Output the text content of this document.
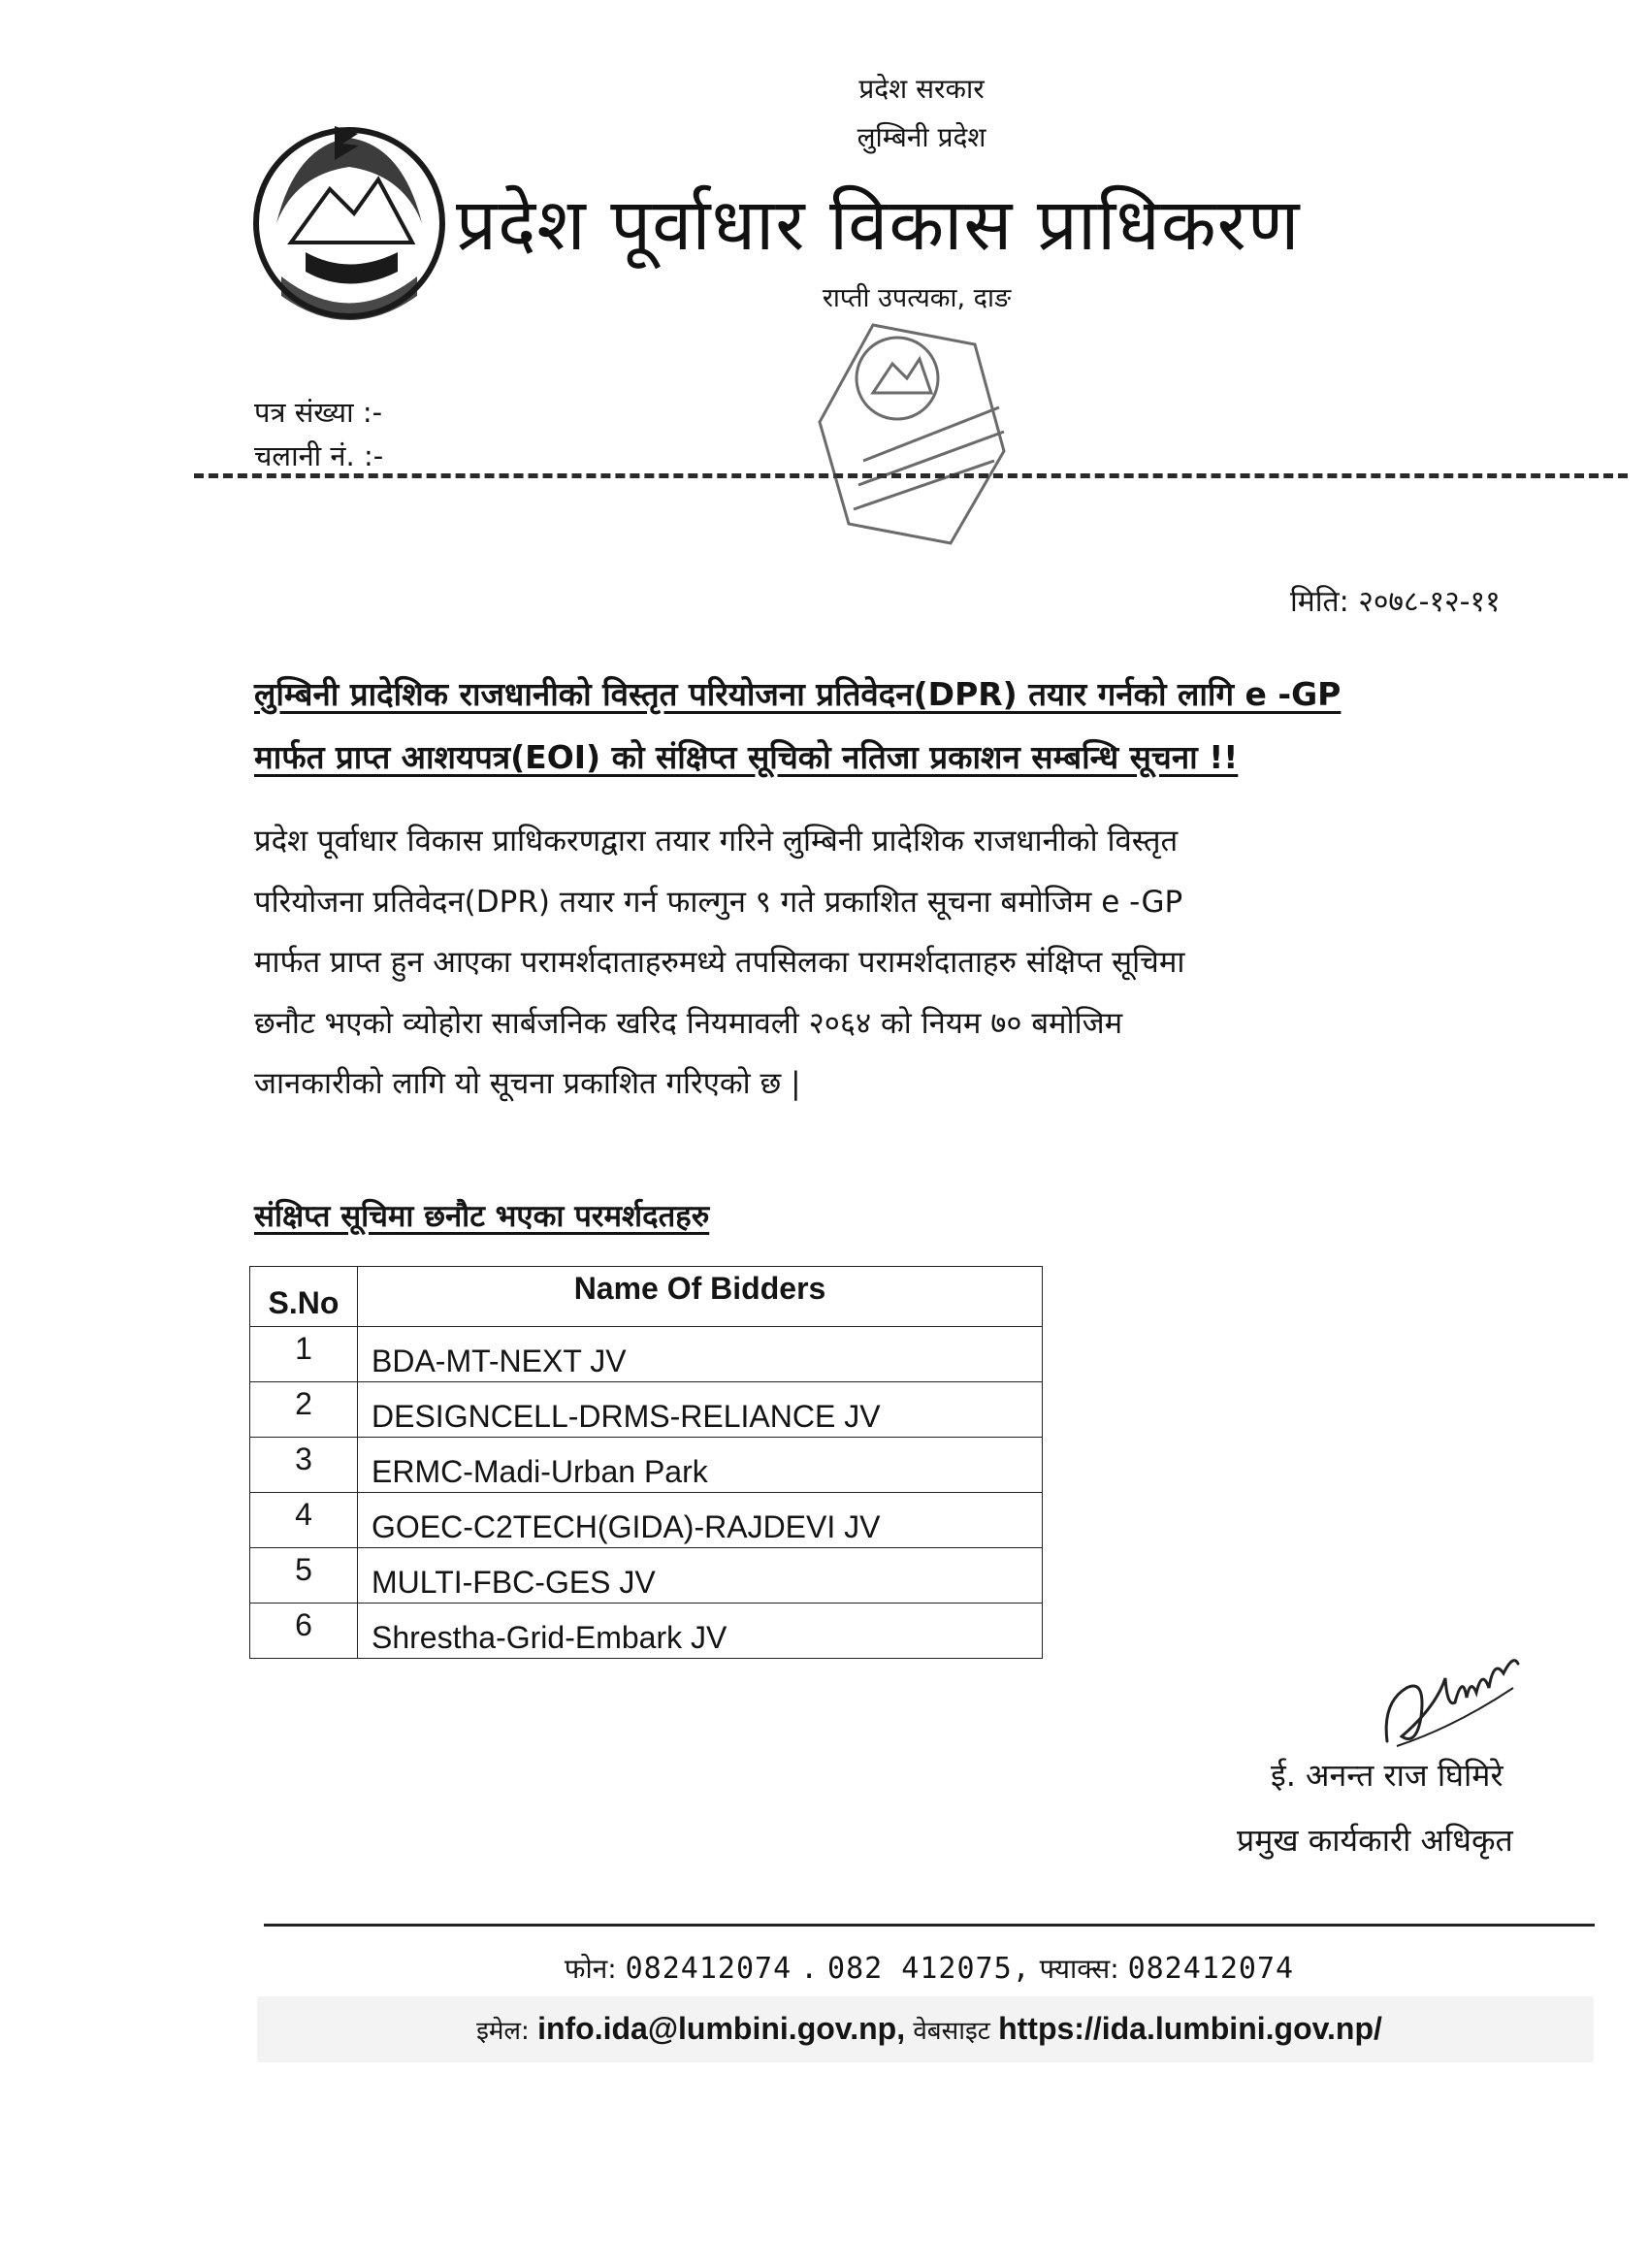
प्रदेश सरकार
लुम्बिनी प्रदेश
प्रदेश पूर्वाधार विकास प्राधिकरण
राप्ती उपत्यका, दाङ
पत्र संख्या :-
चलानी नं. :-
मिति: २०७८-१२-११
लुम्बिनी प्रादेशिक राजधानीको विस्तृत परियोजना प्रतिवेदन(DPR) तयार गर्नको लागि e -GP
मार्फत प्राप्त आशयपत्र(EOI) को संक्षिप्त सूचिको नतिजा प्रकाशन सम्बन्धि सूचना !!
प्रदेश पूर्वाधार विकास प्राधिकरणद्वारा तयार गरिने लुम्बिनी प्रादेशिक राजधानीको विस्तृत
परियोजना प्रतिवेदन(DPR) तयार गर्न फाल्गुन ९ गते प्रकाशित सूचना बमोजिम e -GP
मार्फत प्राप्त हुन आएका परामर्शदाताहरुमध्ये तपसिलका परामर्शदाताहरु संक्षिप्त सूचिमा
छनौट भएको व्योहोरा सार्बजनिक खरिद नियमावली २०६४ को नियम ७० बमोजिम
जानकारीको लागि यो सूचना प्रकाशित गरिएको छ |
संक्षिप्त सूचिमा छनौट भएका परमर्शदतहरु
S.No	Name Of Bidders
1	BDA-MT-NEXT JV
2	DESIGNCELL-DRMS-RELIANCE JV
3	ERMC-Madi-Urban Park
4	GOEC-C2TECH(GIDA)-RAJDEVI JV
5	MULTI-FBC-GES JV
6	Shrestha-Grid-Embark JV
ई. अनन्त राज घिमिरे
प्रमुख कार्यकारी अधिकृत
फोन: 082412074 . 082 412075, फ्याक्स: 082412074
इमेल: info.ida@lumbini.gov.np, वेबसाइट https://ida.lumbini.gov.np/
